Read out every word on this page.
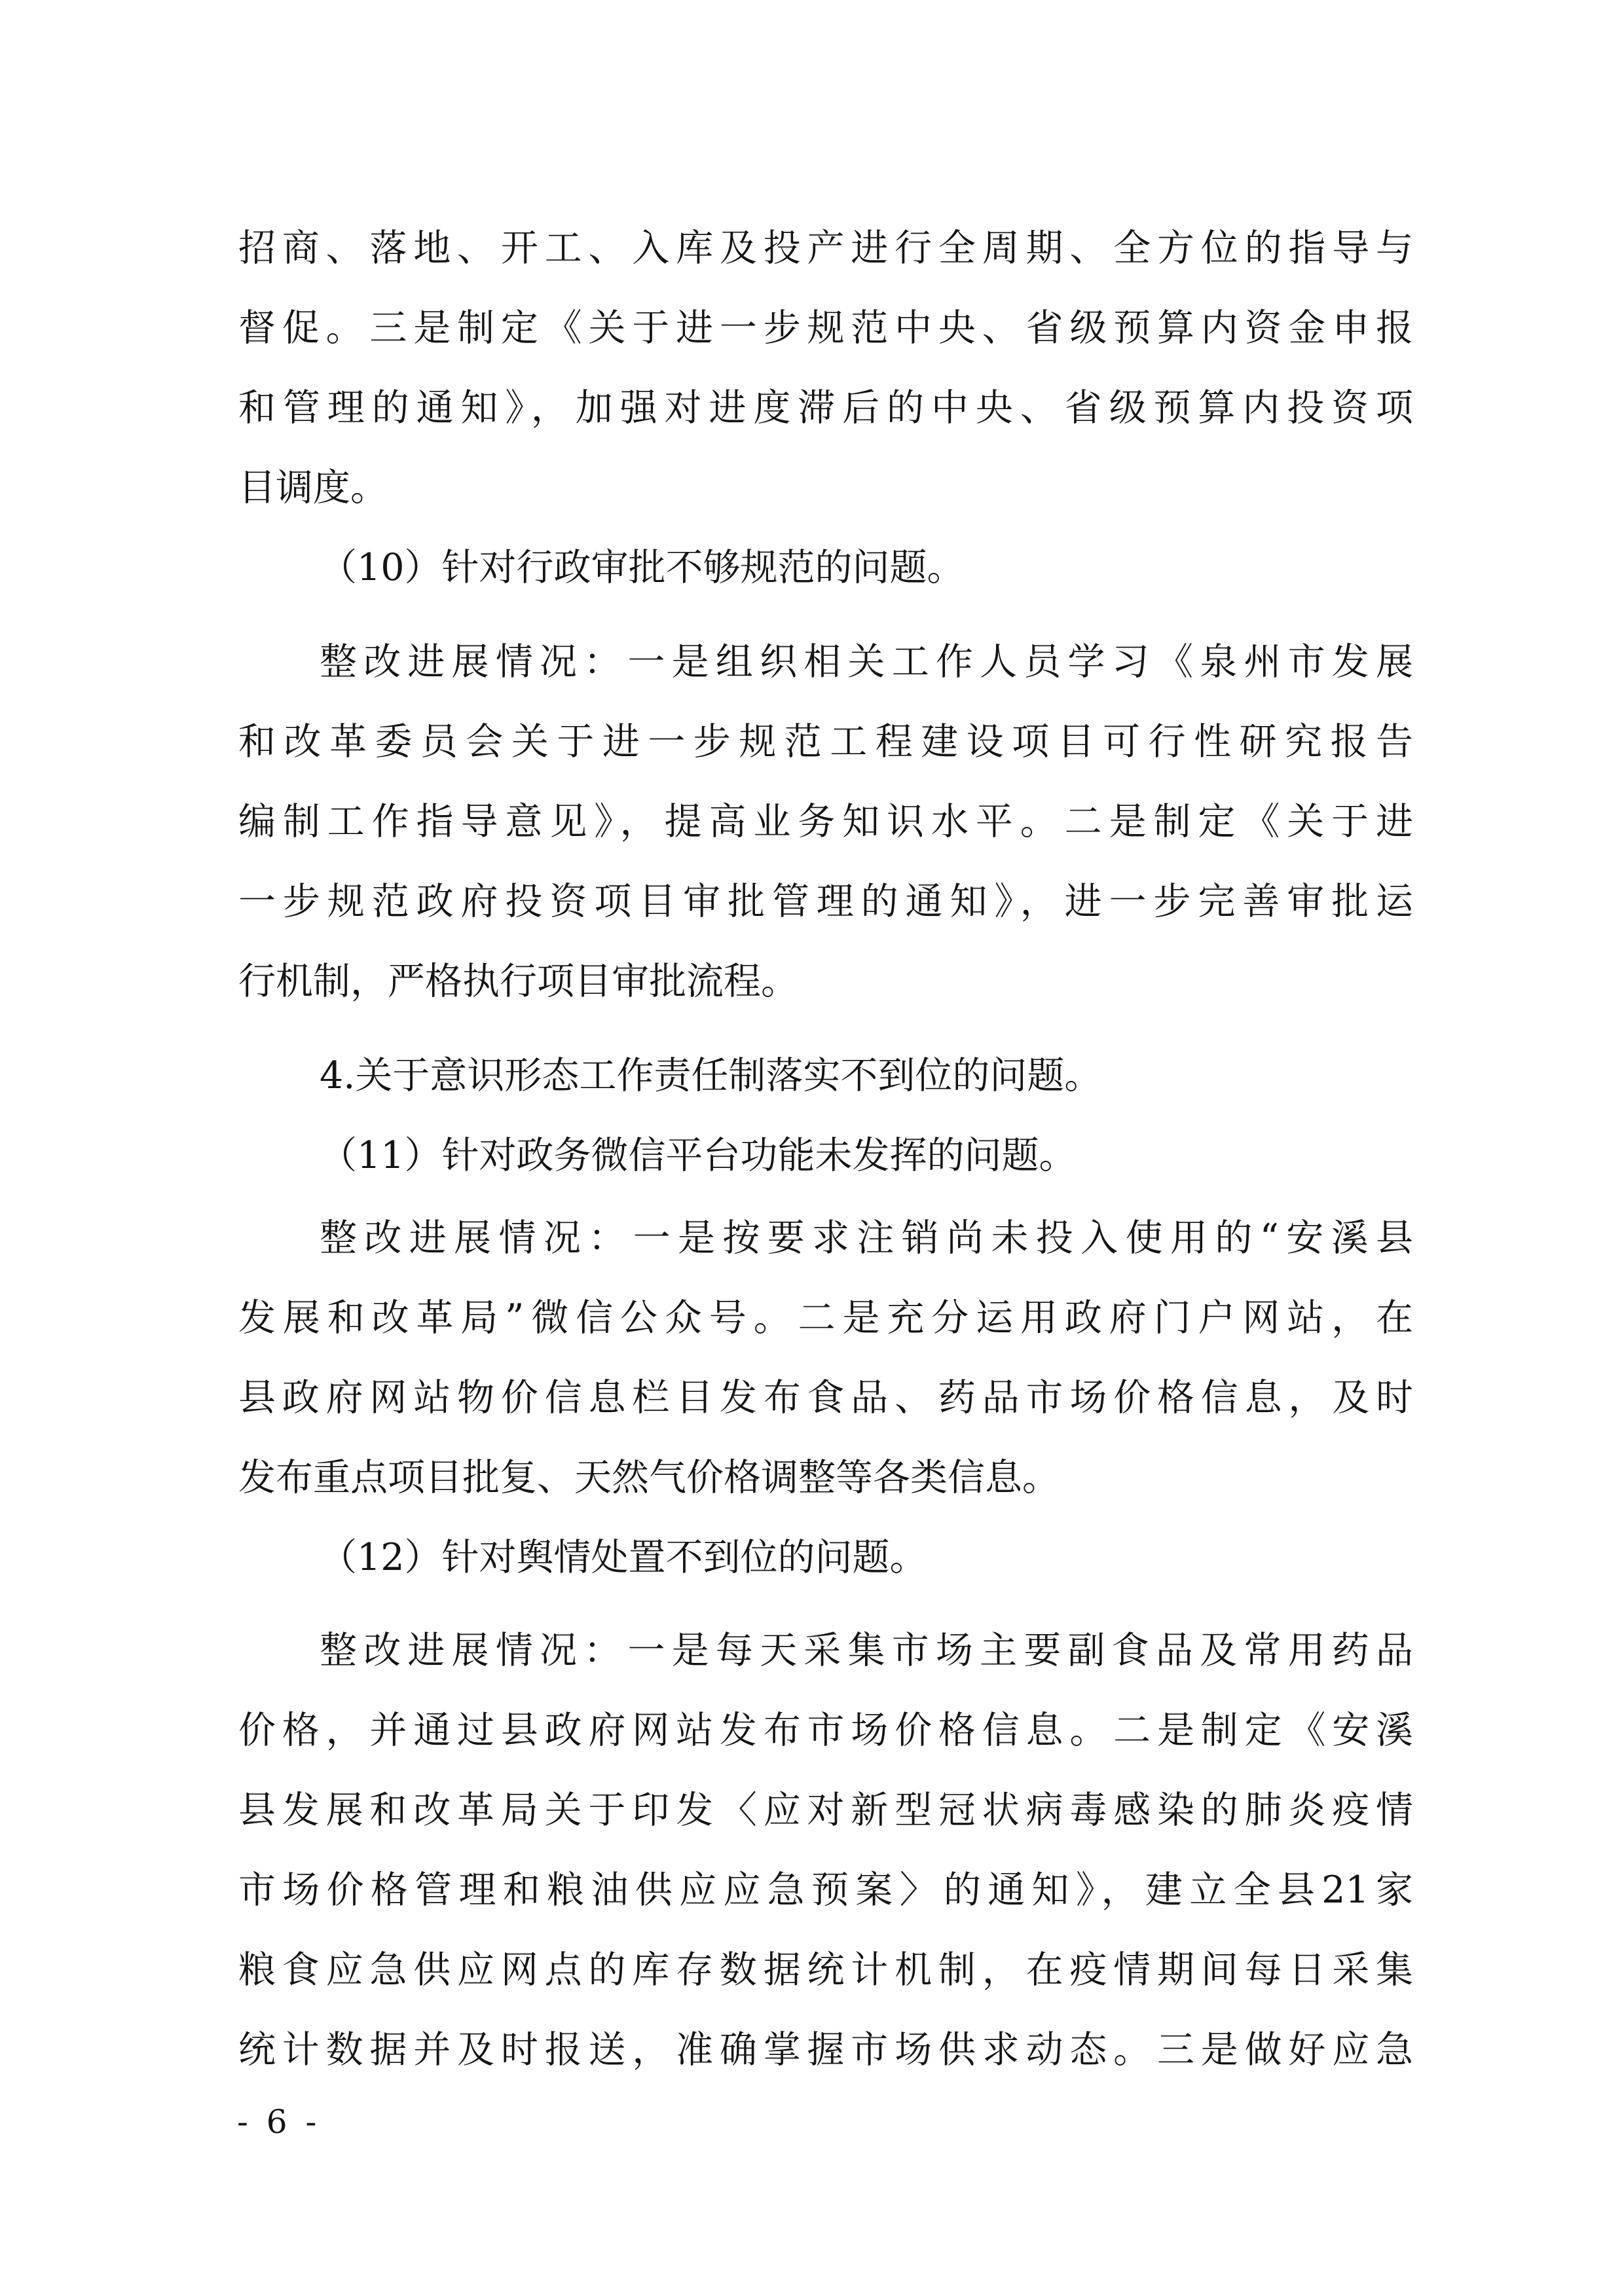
招商、落地、开工、入库及投产进行全周期、全方位的指导与
督促。三是制定《关于进一步规范中央、省级预算内资金申报
和管理的通知》，加强对进度滞后的中央、省级预算内投资项
目调度。
（10）针对行政审批不够规范的问题。
整改进展情况：一是组织相关工作人员学习《泉州市发展
和改革委员会关于进一步规范工程建设项目可行性研究报告
编制工作指导意见》，提高业务知识水平。二是制定《关于进
一步规范政府投资项目审批管理的通知》，进一步完善审批运
行机制，严格执行项目审批流程。
4.关于意识形态工作责任制落实不到位的问题。
（11）针对政务微信平台功能未发挥的问题。
整改进展情况：一是按要求注销尚未投入使用的“安溪县
发展和改革局”微信公众号。二是充分运用政府门户网站，在
县政府网站物价信息栏目发布食品、药品市场价格信息，及时
发布重点项目批复、天然气价格调整等各类信息。
（12）针对舆情处置不到位的问题。
整改进展情况：一是每天采集市场主要副食品及常用药品
价格，并通过县政府网站发布市场价格信息。二是制定《安溪
县发展和改革局关于印发〈应对新型冠状病毒感染的肺炎疫情
市场价格管理和粮油供应应急预案〉的通知》，建立全县21家
粮食应急供应网点的库存数据统计机制，在疫情期间每日采集
统计数据并及时报送，准确掌握市场供求动态。三是做好应急
- 6 -
